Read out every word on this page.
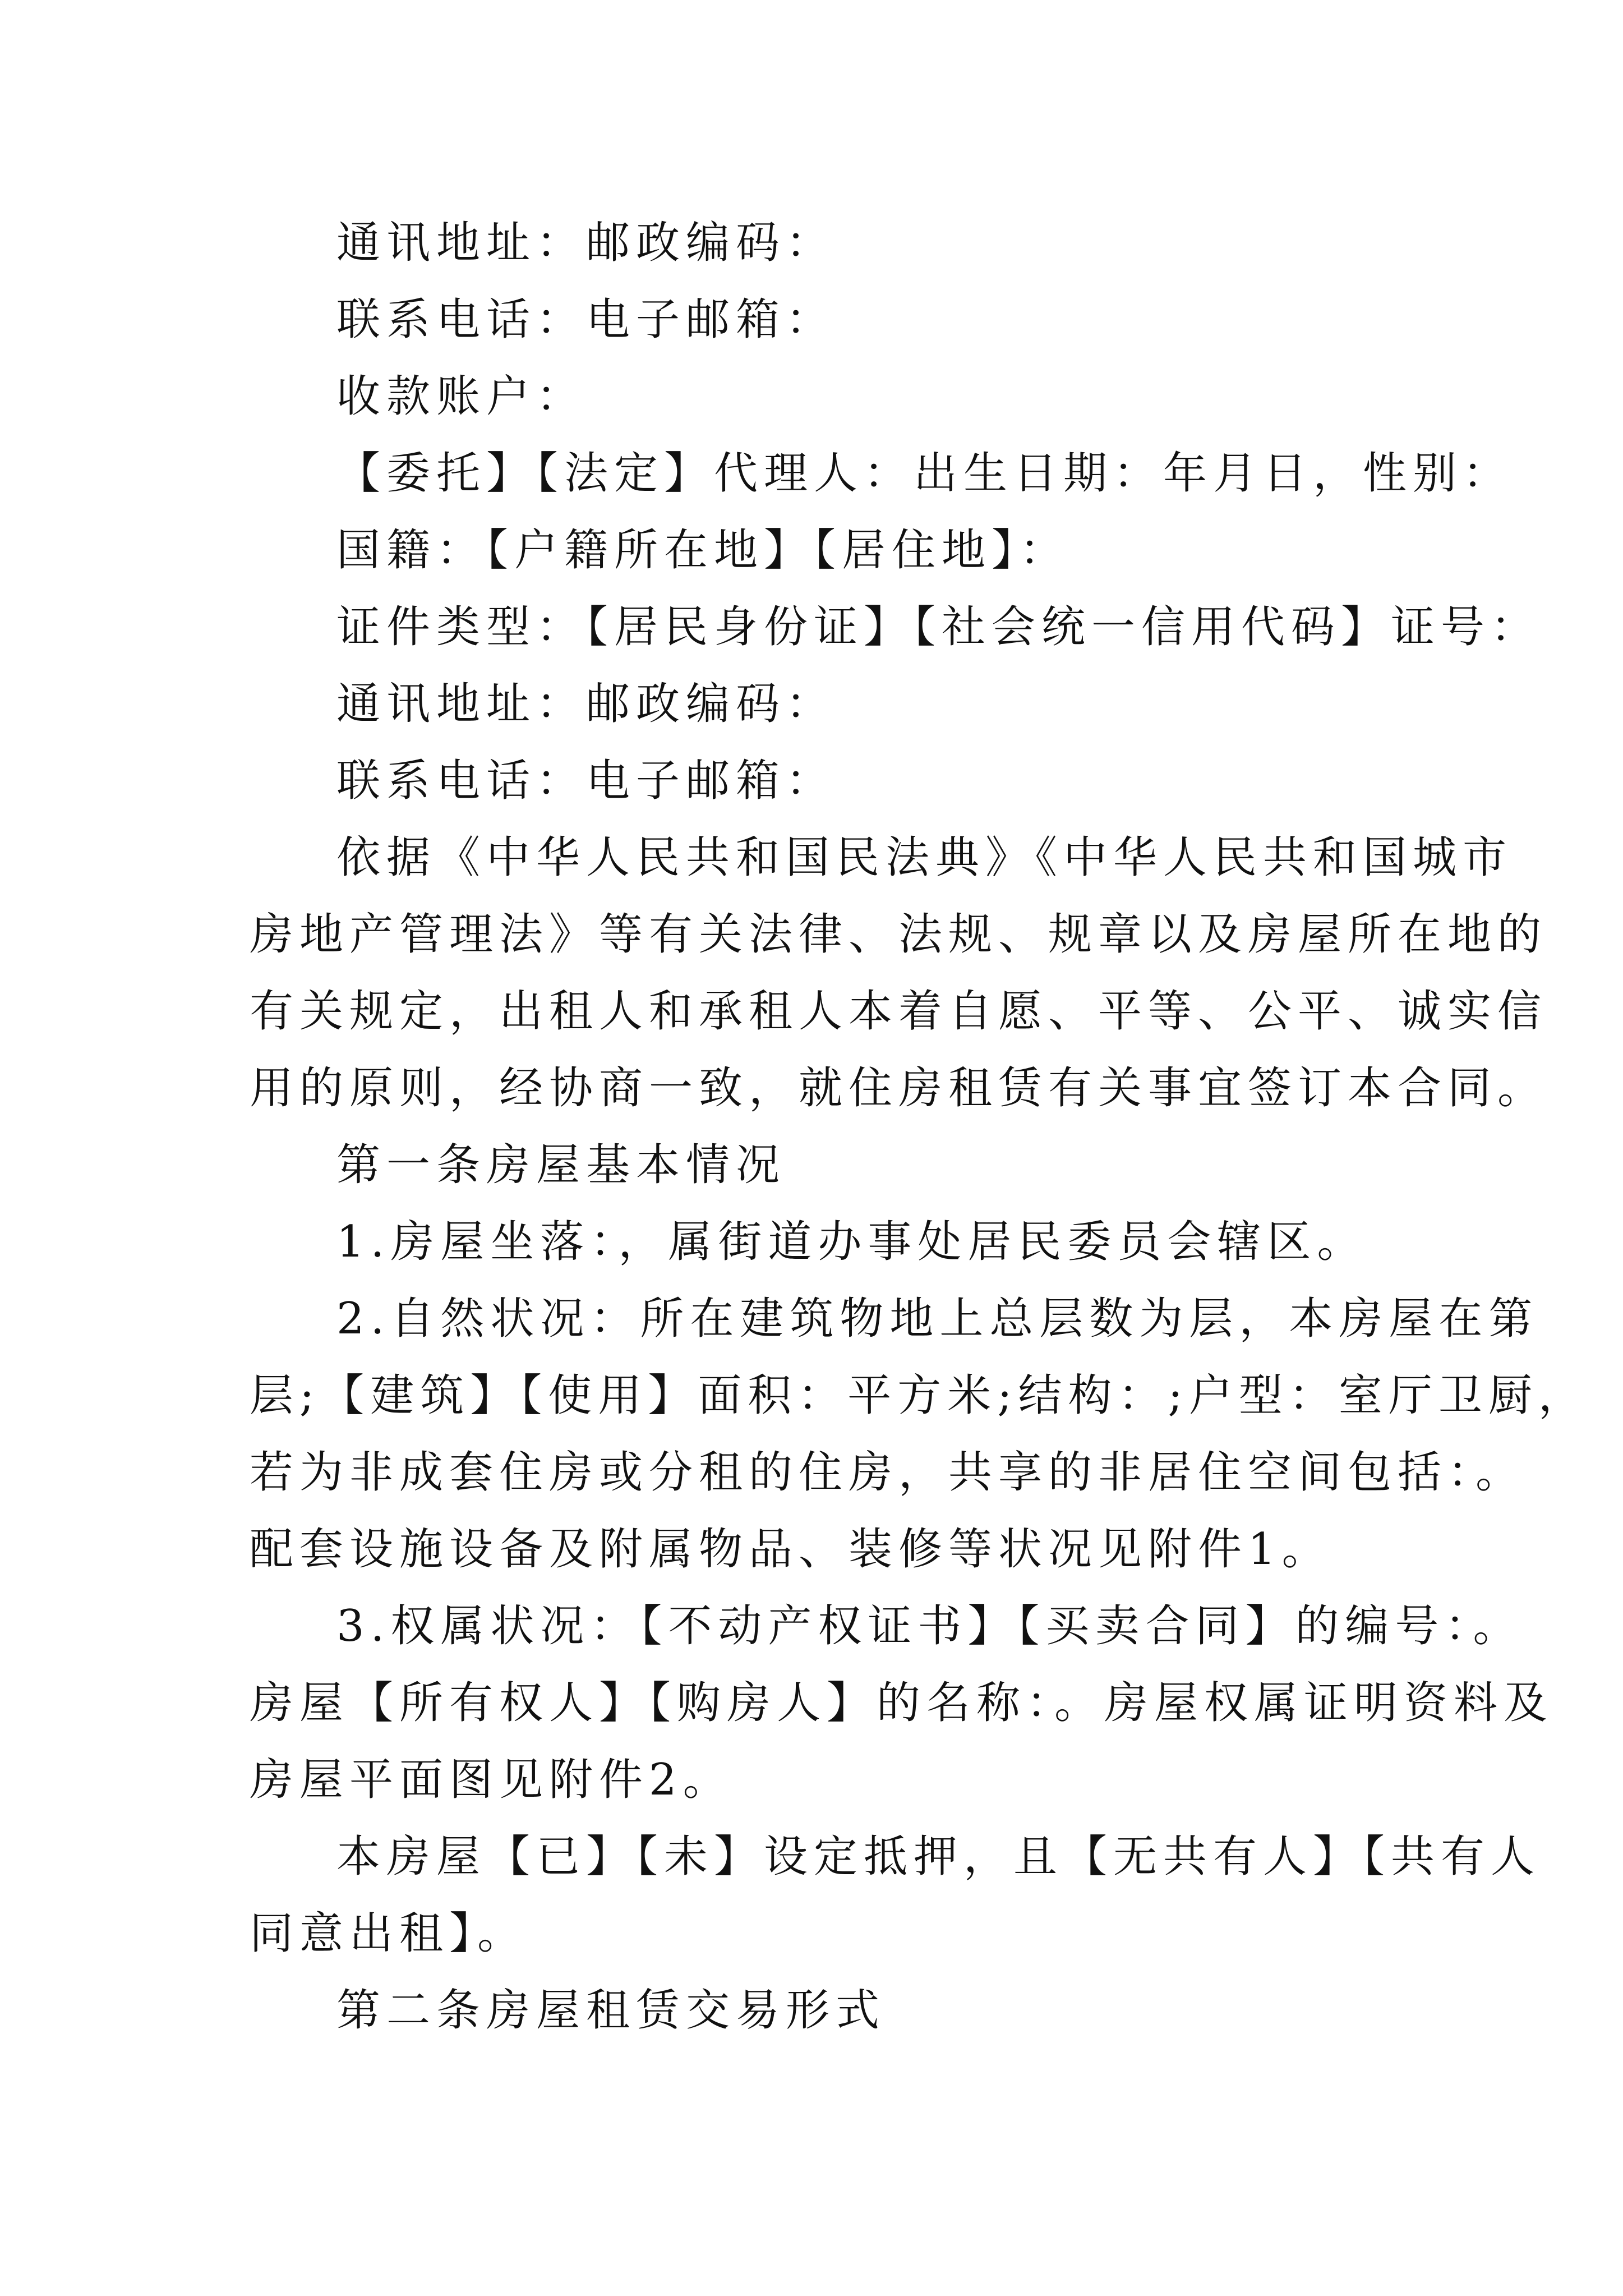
通讯地址：邮政编码：
联系电话：电子邮箱：
收款账户：
【委托】【法定】代理人：出生日期：年月日，性别：
国籍：【户籍所在地】【居住地】：
证件类型：【居民身份证】【社会统一信用代码】证号：
通讯地址：邮政编码：
联系电话：电子邮箱：
依据《中华人民共和国民法典》《中华人民共和国城市
房地产管理法》等有关法律、法规、规章以及房屋所在地的
有关规定，出租人和承租人本着自愿、平等、公平、诚实信
用的原则，经协商一致，就住房租赁有关事宜签订本合同。
第一条房屋基本情况
1.房屋坐落：，属街道办事处居民委员会辖区。
2.自然状况：所在建筑物地上总层数为层，本房屋在第
层;【建筑】【使用】面积：平方米;结构：;户型：室厅卫厨，
若为非成套住房或分租的住房，共享的非居住空间包括：。
配套设施设备及附属物品、装修等状况见附件1。
3.权属状况：【不动产权证书】【买卖合同】的编号：。
房屋【所有权人】【购房人】的名称：。房屋权属证明资料及
房屋平面图见附件2。
本房屋【已】【未】设定抵押，且【无共有人】【共有人
同意出租】。
第二条房屋租赁交易形式
